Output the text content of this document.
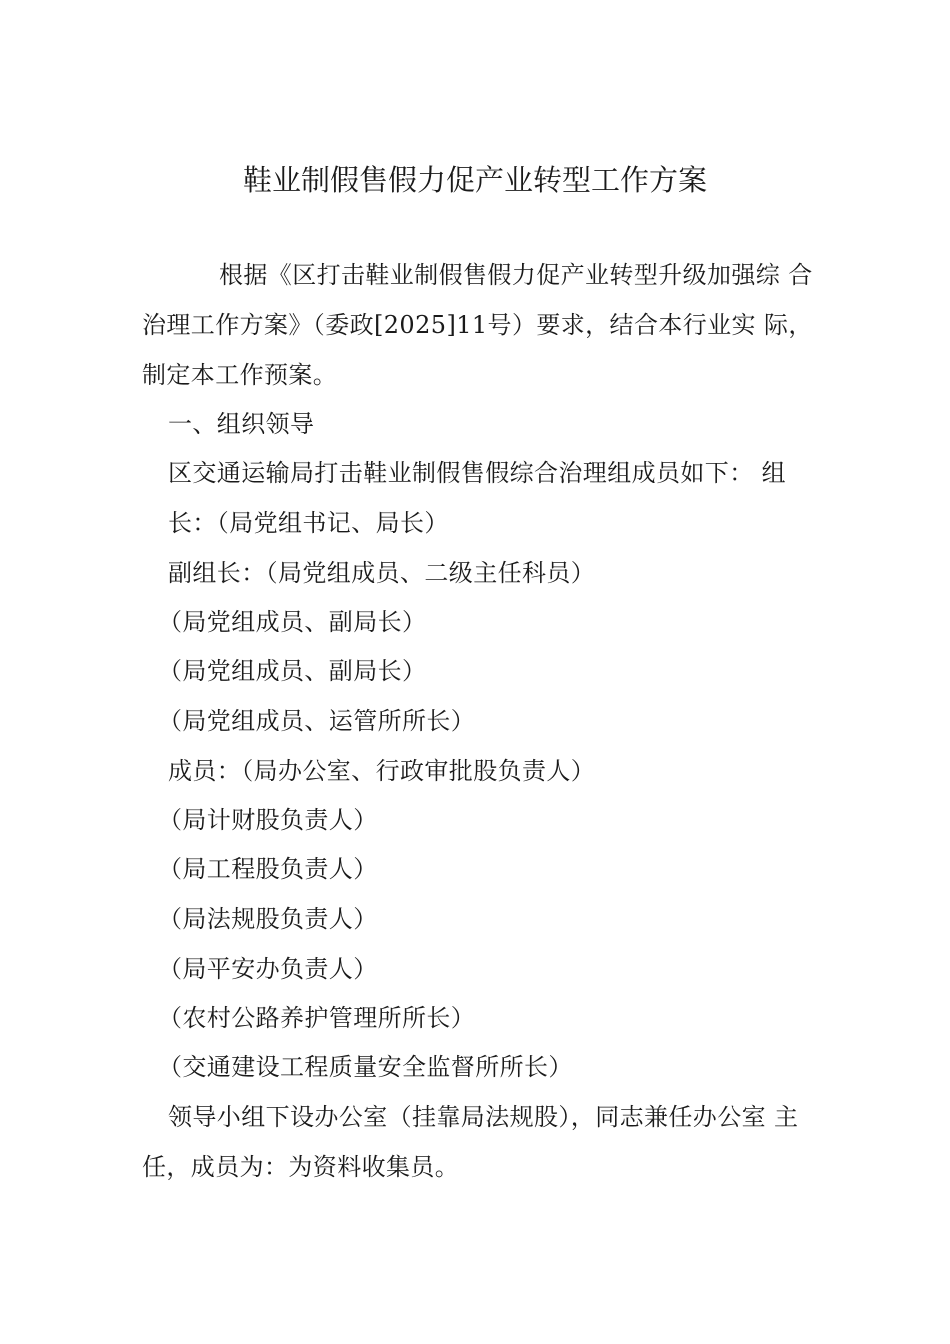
鞋业制假售假力促产业转型工作方案
根据《区打击鞋业制假售假力促产业转型升级加强综 合
治理工作方案》（委政[2025]11号）要求，结合本行业实 际，
制定本工作预案。
一、组织领导
区交通运输局打击鞋业制假售假综合治理组成员如下： 组
长：（局党组书记、局长）
副组长：（局党组成员、二级主任科员）
（局党组成员、副局长）
（局党组成员、副局长）
（局党组成员、运管所所长）
成员：（局办公室、行政审批股负责人）
（局计财股负责人）
（局工程股负责人）
（局法规股负责人）
（局平安办负责人）
（农村公路养护管理所所长）
（交通建设工程质量安全监督所所长）
领导小组下设办公室（挂靠局法规股），同志兼任办公室 主
任，成员为：为资料收集员。
